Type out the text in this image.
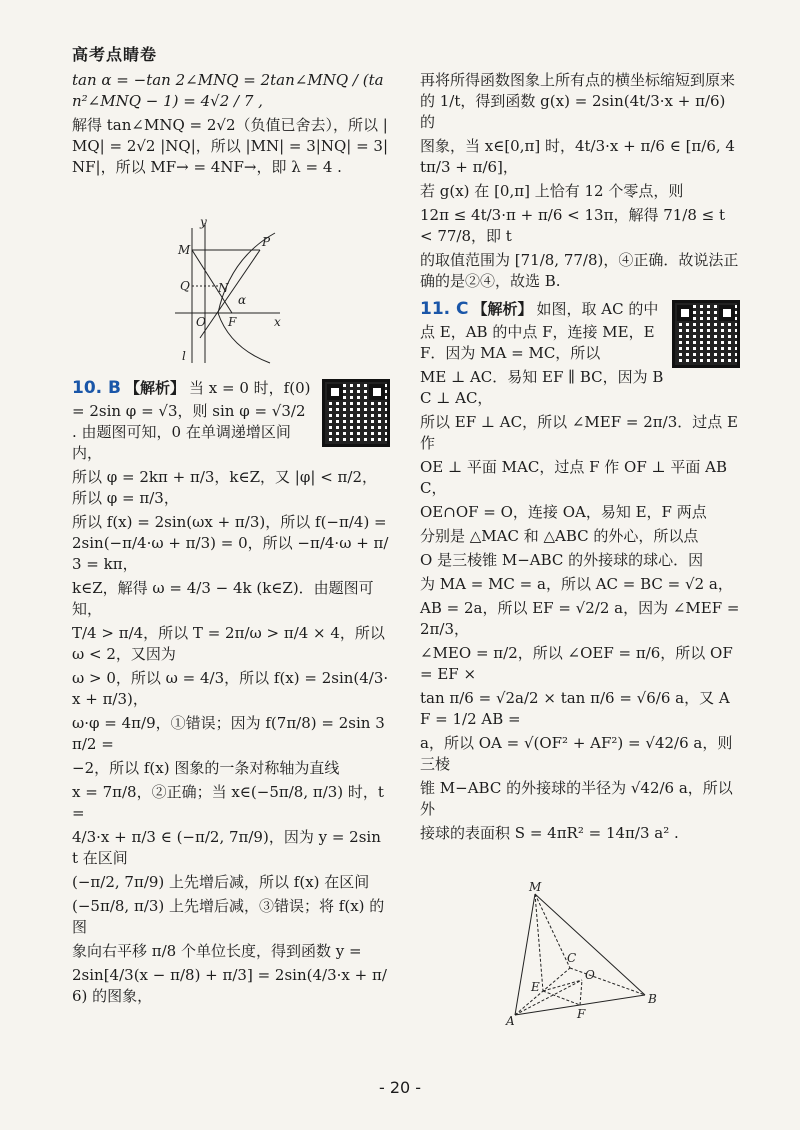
高考点睛卷

tan α = −tan 2∠MNQ = 2tan∠MNQ / (tan²∠MNQ − 1) = 4√2 / 7 ,

解得 tan∠MNQ = 2√2（负值已舍去），所以 |MQ| = 2√2 |NQ|，所以 |MN| = 3|NQ| = 3|NF|，所以 MF→ = 4NF→，即 λ = 4 .

10. B 【解析】 当 x = 0 时，f(0) = 2sin φ = √3，则 sin φ = √3/2 . 由题图可知，0 在单调递增区间内，

所以 φ = 2kπ + π/3，k∈Z，又 |φ| < π/2，所以 φ = π/3，

所以 f(x) = 2sin(ωx + π/3)，所以 f(−π/4) = 2sin(−π/4·ω + π/3) = 0，所以 −π/4·ω + π/3 = kπ，

k∈Z，解得 ω = 4/3 − 4k (k∈Z)．由题图可知，

T/4 > π/4，所以 T = 2π/ω > π/4 × 4，所以 ω < 2，又因为

ω > 0，所以 ω = 4/3，所以 f(x) = 2sin(4/3·x + π/3)，

ω·φ = 4π/9，①错误；因为 f(7π/8) = 2sin 3π/2 =

−2，所以 f(x) 图象的一条对称轴为直线

x = 7π/8，②正确；当 x∈(−5π/8, π/3) 时，t =

4/3·x + π/3 ∈ (−π/2, 7π/9)，因为 y = 2sin t 在区间

(−π/2, 7π/9) 上先增后减，所以 f(x) 在区间

(−5π/8, π/3) 上先增后减，③错误；将 f(x) 的图

象向右平移 π/8 个单位长度，得到函数 y =

2sin[4/3(x − π/8) + π/3] = 2sin(4/3·x + π/6) 的图象，

y
M
P
Q N
α
O F	x
l

再将所得函数图象上所有点的横坐标缩短到原来的 1/t，得到函数 g(x) = 2sin(4t/3·x + π/6) 的

图象，当 x∈[0,π] 时，4t/3·x + π/6 ∈ [π/6, 4tπ/3 + π/6]，

若 g(x) 在 [0,π] 上恰有 12 个零点，则

12π ≤ 4t/3·π + π/6 < 13π，解得 71/8 ≤ t < 77/8，即 t

的取值范围为 [71/8, 77/8)，④正确．故说法正确的是②④，故选 B.

11. C 【解析】 如图，取 AC 的中点 E，AB 的中点 F，连接 ME，EF．因为 MA = MC，所以

ME ⊥ AC．易知 EF ∥ BC，因为 BC ⊥ AC，

所以 EF ⊥ AC，所以 ∠MEF = 2π/3．过点 E 作

OE ⊥ 平面 MAC，过点 F 作 OF ⊥ 平面 ABC，

OE∩OF = O，连接 OA，易知 E，F 两点

分别是 △MAC 和 △ABC 的外心，所以点

O 是三棱锥 M−ABC 的外接球的球心．因

为 MA = MC = a，所以 AC = BC = √2 a，

AB = 2a，所以 EF = √2/2 a，因为 ∠MEF = 2π/3，

∠MEO = π/2，所以 ∠OEF = π/6，所以 OF = EF ×

tan π/6 = √2a/2 × tan π/6 = √6/6 a，又 AF = 1/2 AB =

a，所以 OA = √(OF² + AF²) = √42/6 a，则三棱

锥 M−ABC 的外接球的半径为 √42/6 a，所以外

接球的表面积 S = 4πR² = 14π/3 a² .

M
C
O
E
B
A	F
- 20 -
